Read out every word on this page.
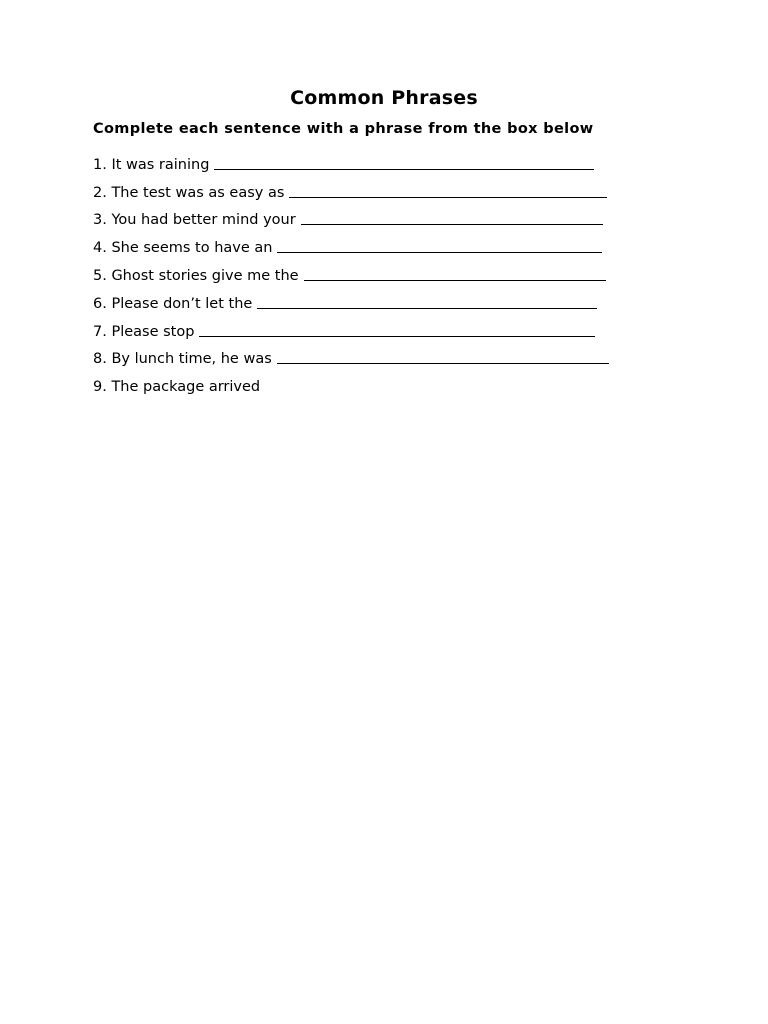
Common Phrases
Complete each sentence with a phrase from the box below
1. It was raining
2. The test was as easy as
3. You had better mind your
4. She seems to have an
5. Ghost stories give me the
6. Please don’t let the
7. Please stop
8. By lunch time, he was
9. The package arrived
